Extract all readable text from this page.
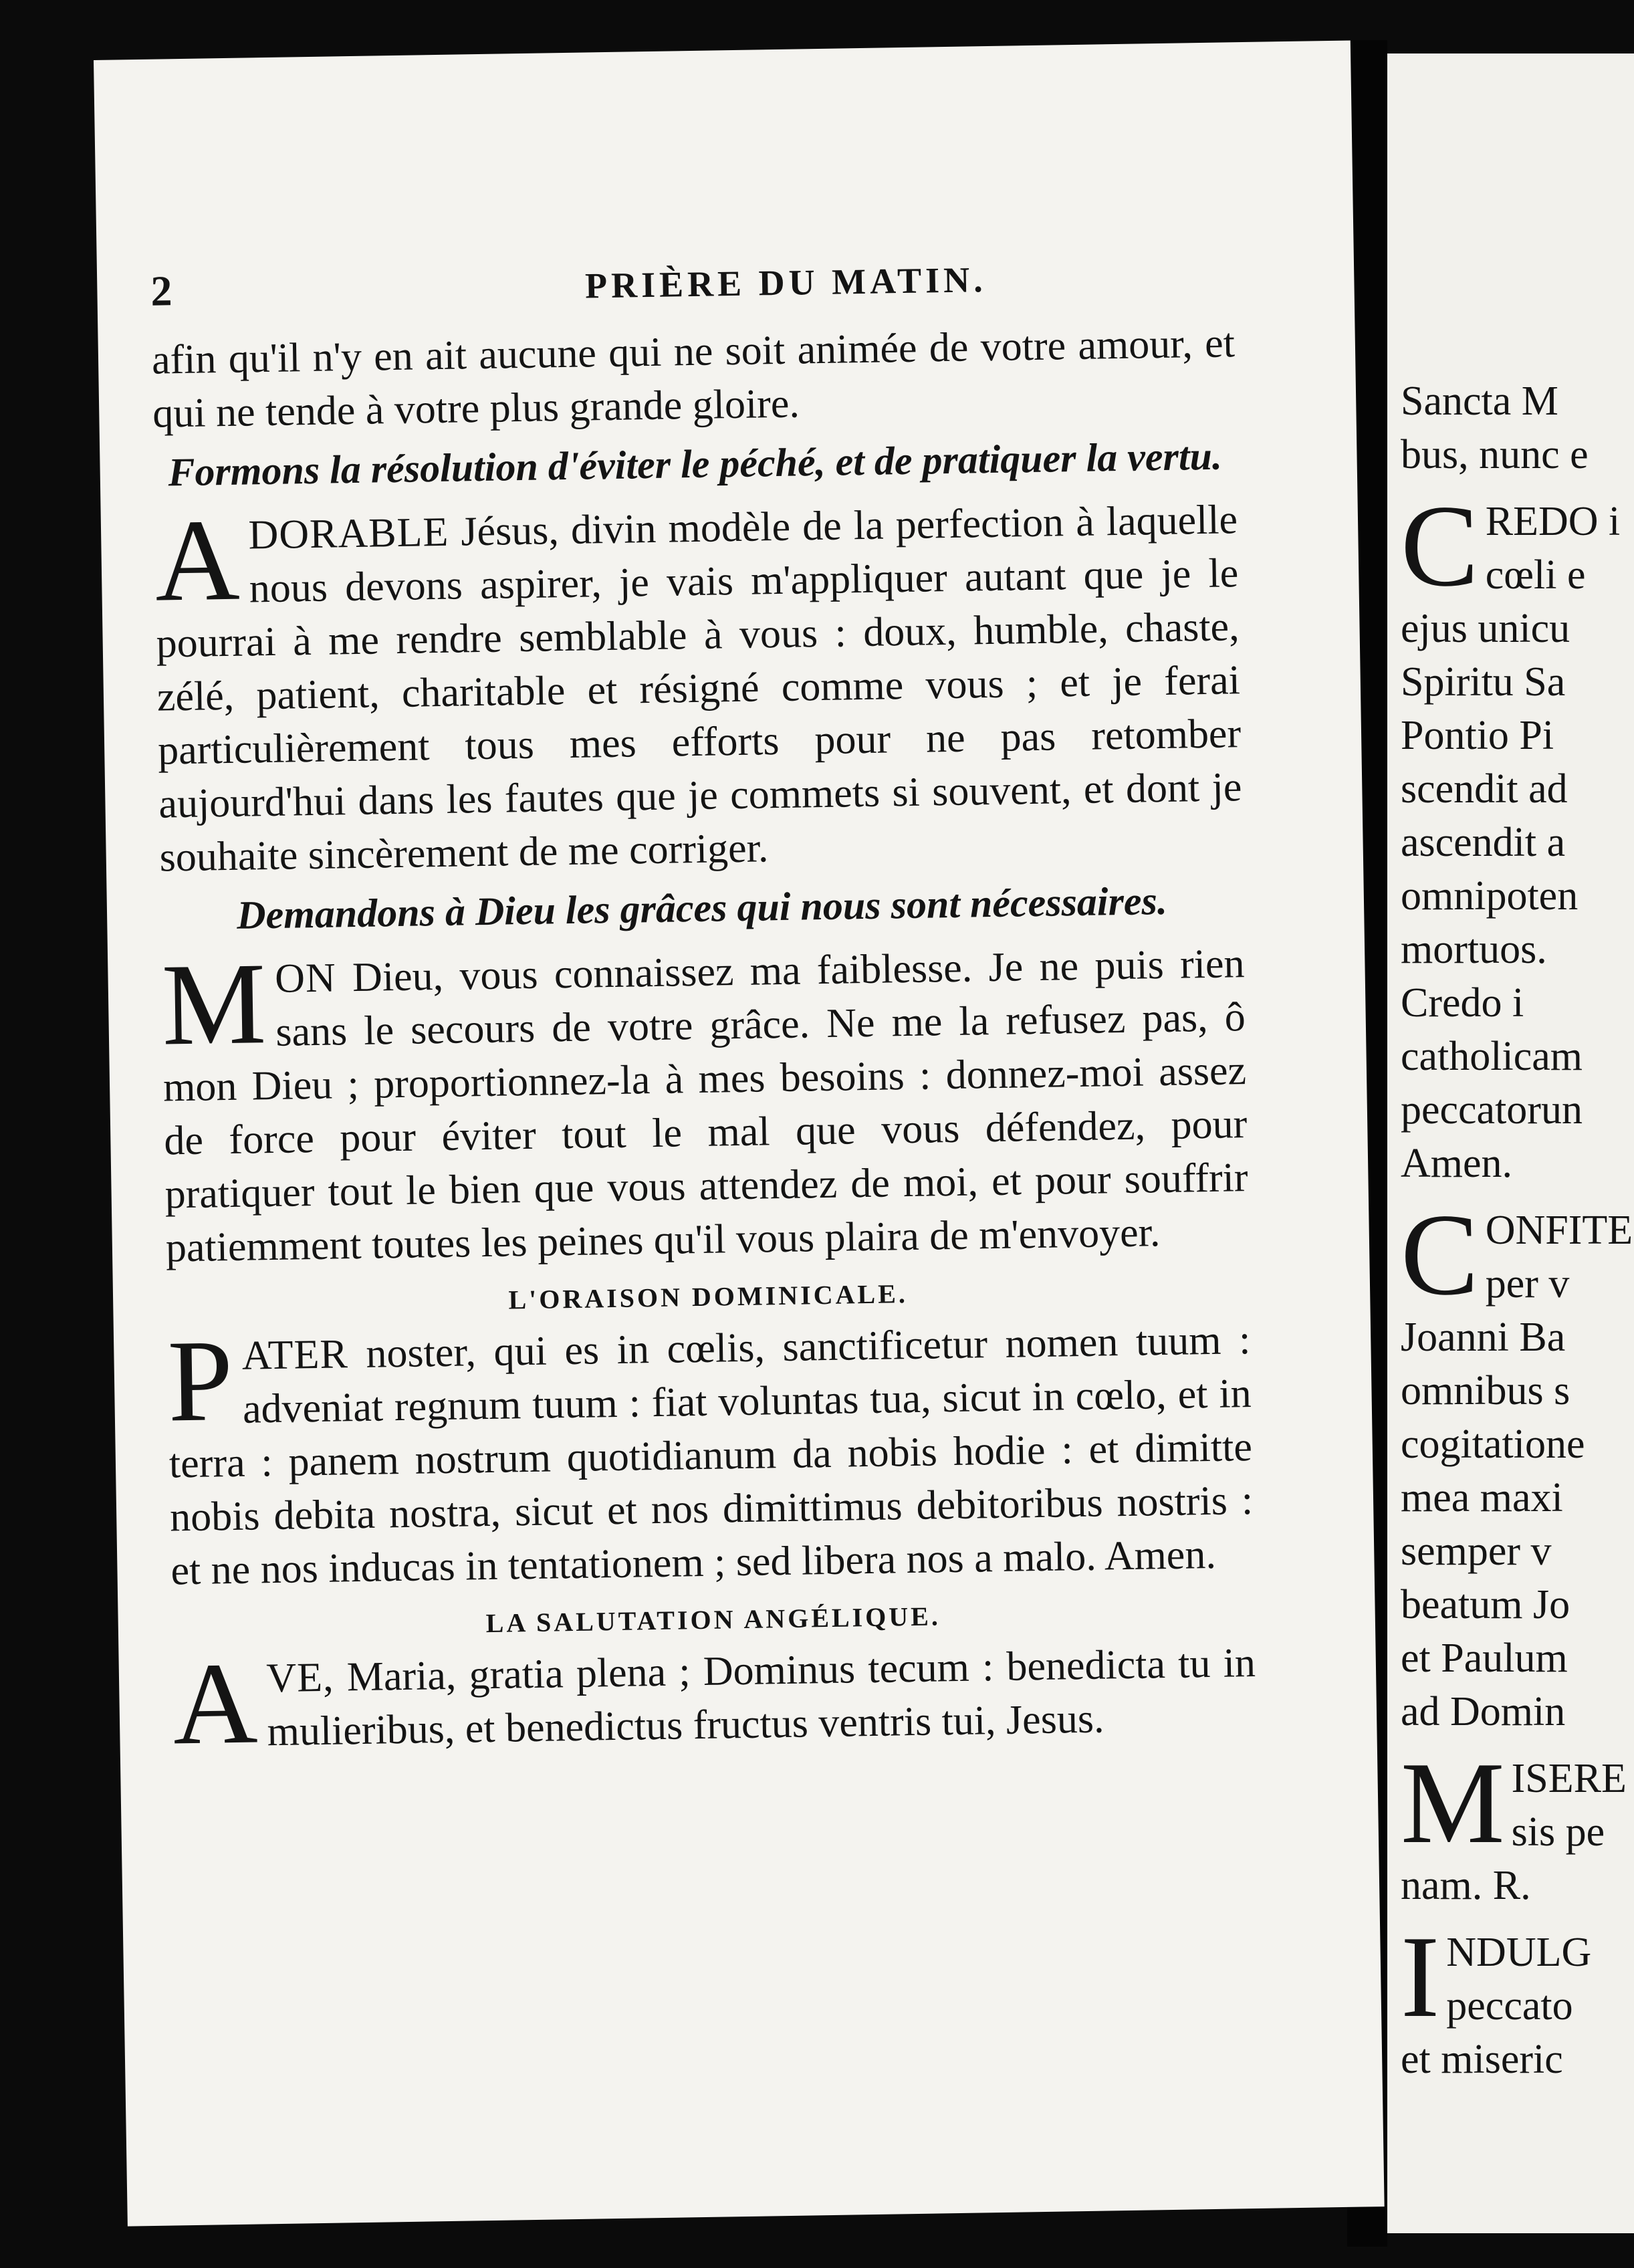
2	PRIÈRE DU MATIN.

afin qu'il n'y en ait aucune qui ne soit animée de votre amour, et qui ne tende à votre plus grande gloire.

Formons la résolution d'éviter le péché, et de pratiquer la vertu.

ADORABLE Jésus, divin modèle de la perfection à laquelle nous devons aspirer, je vais m'appliquer autant que je le pourrai à me rendre semblable à vous : doux, humble, chaste, zélé, patient, charitable et résigné comme vous ; et je ferai particulièrement tous mes efforts pour ne pas retomber aujourd'hui dans les fautes que je commets si souvent, et dont je souhaite sincèrement de me corriger.

Demandons à Dieu les grâces qui nous sont nécessaires.

MON Dieu, vous connaissez ma faiblesse. Je ne puis rien sans le secours de votre grâce. Ne me la refusez pas, ô mon Dieu ; proportionnez-la à mes besoins : donnez-moi assez de force pour éviter tout le mal que vous défendez, pour pratiquer tout le bien que vous attendez de moi, et pour souffrir patiemment toutes les peines qu'il vous plaira de m'envoyer.

L'ORAISON DOMINICALE.

PATER noster, qui es in cœlis, sanctificetur nomen tuum : adveniat regnum tuum : fiat voluntas tua, sicut in cœlo, et in terra : panem nostrum quotidianum da nobis hodie : et dimitte nobis debita nostra, sicut et nos dimittimus debitoribus nostris : et ne nos inducas in tentationem ; sed libera nos a malo. Amen.

LA SALUTATION ANGÉLIQUE.

AVE, Maria, gratia plena ; Dominus tecum : benedicta tu in mulieribus, et benedictus fructus ventris tui, Jesus.

Sancta M
bus, nunc e
C REDO i
cœli e
ejus unicu
Spiritu Sa
Pontio Pi
scendit ad
ascendit a
omnipoten
mortuos.
Credo i
catholicam
peccatorun
Amen.
C ONFITE
per v
Joanni Ba
omnibus s
cogitatione
mea maxi
semper v
beatum Jo
et Paulum
ad Domin
M ISERE
sis pe
nam. R.
I NDULG
peccato
et miseric
